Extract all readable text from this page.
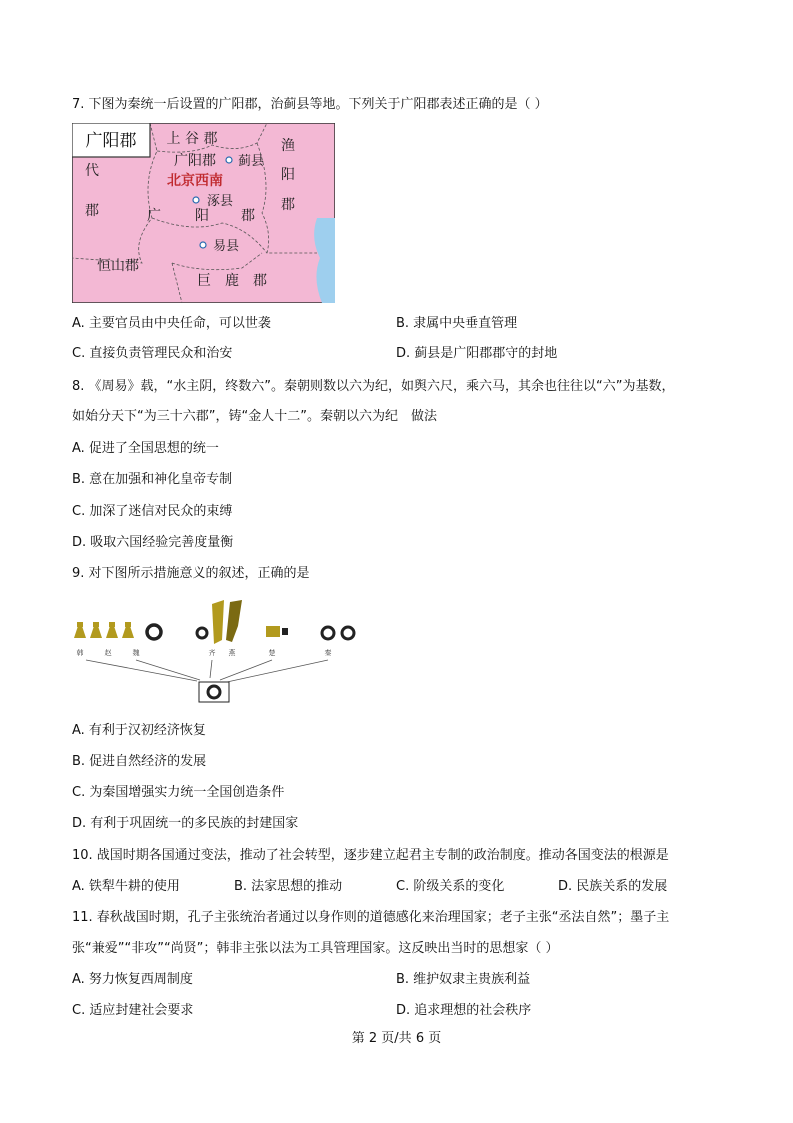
7. 下图为秦统一后设置的广阳郡，治蓟县等地。下列关于广阳郡表述正确的是（ ）
广阳郡 上 谷 郡	渔
阳
郡
代
郡
广阳郡 蓟县
北京西南
涿县
广 阳 郡
易县
恒山郡
巨　鹿　郡
A. 主要官员由中央任命，可以世袭	B. 隶属中央垂直管理
C. 直接负责管理民众和治安	D. 蓟县是广阳郡郡守的封地
8. 《周易》载，“水主阴，终数六”。秦朝则数以六为纪，如舆六尺，乘六马，其余也往往以“六”为基数，
如始分天下“为三十六郡”，铸“金人十二”。秦朝以六为纪　做法
A. 促进了全国思想的统一
B. 意在加强和神化皇帝专制
C. 加深了迷信对民众的束缚
D. 吸取六国经验完善度量衡
9. 对下图所示措施意义的叙述，正确的是
韩	赵	魏	齐 燕	楚	秦
A. 有利于汉初经济恢复
B. 促进自然经济的发展
C. 为秦国增强实力统一全国创造条件
D. 有利于巩固统一的多民族的封建国家
10. 战国时期各国通过变法，推动了社会转型，逐步建立起君主专制的政治制度。推动各国变法的根源是
A. 铁犁牛耕的使用	B. 法家思想的推动	C. 阶级关系的变化	D. 民族关系的发展
11. 春秋战国时期，孔子主张统治者通过以身作则的道德感化来治理国家；老子主张“丞法自然”；墨子主
张“兼爱”“非攻”“尚贤”；韩非主张以法为工具管理国家。这反映出当时的思想家（ ）
A. 努力恢复西周制度	B. 维护奴隶主贵族利益
C. 适应封建社会要求	D. 追求理想的社会秩序
第 2 页/共 6 页
